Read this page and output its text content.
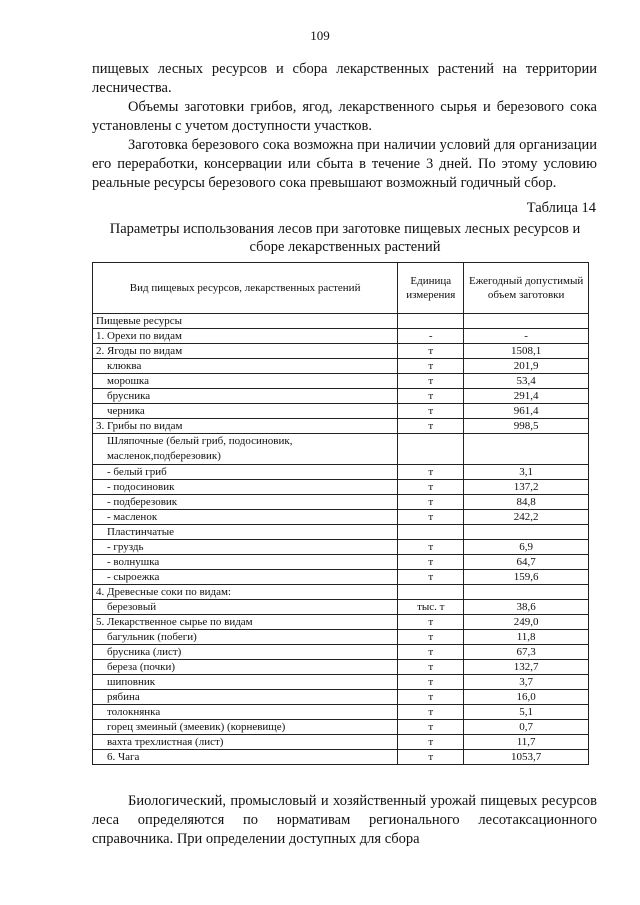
109

пищевых лесных ресурсов и сбора лекарственных растений на территории лесничества.

Объемы заготовки грибов, ягод, лекарственного сырья и березового сока установлены с учетом доступности участков.

Заготовка березового сока возможна при наличии условий для организации его переработки, консервации или сбыта в течение 3 дней. По этому условию реальные ресурсы березового сока превышают возможный годичный сбор.

Таблица 14
Параметры использования лесов при заготовке пищевых лесных ресурсов и сборе лекарственных растений
Вид пищевых ресурсов, лекарственных растений	Единица измерения	Ежегодный допустимый объем заготовки
Пищевые ресурсы		
1. Орехи по видам	-	-
2. Ягоды по видам	т	1508,1
клюква	т	201,9
морошка	т	53,4
брусника	т	291,4
черника	т	961,4
3. Грибы по видам	т	998,5
Шляпочные (белый гриб, подосиновик, масленок,подберезовик)		
- белый гриб	т	3,1
- подосиновик	т	137,2
- подберезовик	т	84,8
- масленок	т	242,2
Пластинчатые		
- груздь	т	6,9
- волнушка	т	64,7
- сыроежка	т	159,6
4. Древесные соки по видам:		
березовый	тыс. т	38,6
5. Лекарственное сырье по видам	т	249,0
багульник (побеги)	т	11,8
брусника (лист)	т	67,3
береза (почки)	т	132,7
шиповник	т	3,7
рябина	т	16,0
толокнянка	т	5,1
горец змеиный (змеевик) (корневище)	т	0,7
вахта трехлистная (лист)	т	11,7
6. Чага	т	1053,7

Биологический, промысловый и хозяйственный урожай пищевых ресурсов леса определяются по нормативам регионального лесотаксационного справочника. При определении доступных для сбора
